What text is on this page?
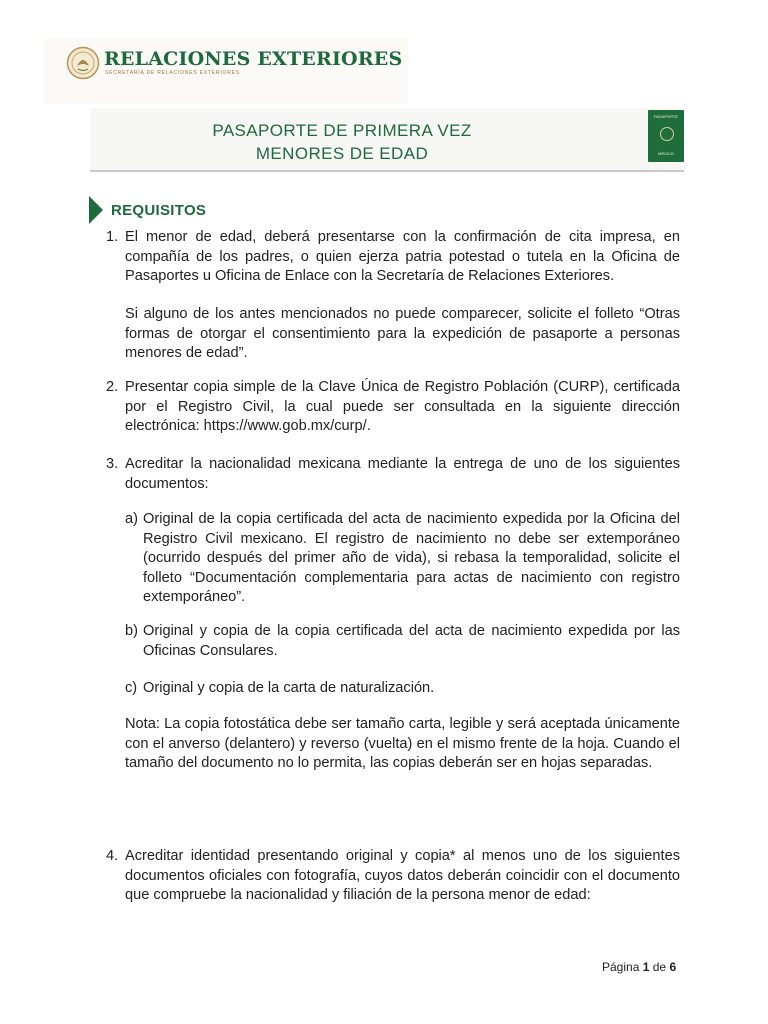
RELACIONES EXTERIORES
SECRETARÍA DE RELACIONES EXTERIORES
PASAPORTE DE PRIMERA VEZ
MENORES DE EDAD
PASAPORTE
MÉXICO
REQUISITOS

1. El menor de edad, deberá presentarse con la confirmación de cita impresa, en compañía de los padres, o quien ejerza patria potestad o tutela en la Oficina de Pasaportes u Oficina de Enlace con la Secretaría de Relaciones Exteriores.

Si alguno de los antes mencionados no puede comparecer, solicite el folleto “Otras formas de otorgar el consentimiento para la expedición de pasaporte a personas menores de edad”.

2. Presentar copia simple de la Clave Única de Registro Población (CURP), certificada por el Registro Civil, la cual puede ser consultada en la siguiente dirección electrónica: https://www.gob.mx/curp/.

3. Acreditar la nacionalidad mexicana mediante la entrega de uno de los siguientes documentos:

a) Original de la copia certificada del acta de nacimiento expedida por la Oficina del Registro Civil mexicano. El registro de nacimiento no debe ser extemporáneo (ocurrido después del primer año de vida), si rebasa la temporalidad, solicite el folleto “Documentación complementaria para actas de nacimiento con registro extemporáneo”.

b) Original y copia de la copia certificada del acta de nacimiento expedida por las Oficinas Consulares.

c) Original y copia de la carta de naturalización.

Nota: La copia fotostática debe ser tamaño carta, legible y será aceptada únicamente con el anverso (delantero) y reverso (vuelta) en el mismo frente de la hoja. Cuando el tamaño del documento no lo permita, las copias deberán ser en hojas separadas.

4. Acreditar identidad presentando original y copia* al menos uno de los siguientes documentos oficiales con fotografía, cuyos datos deberán coincidir con el documento que compruebe la nacionalidad y filiación de la persona menor de edad:

Página 1 de 6
